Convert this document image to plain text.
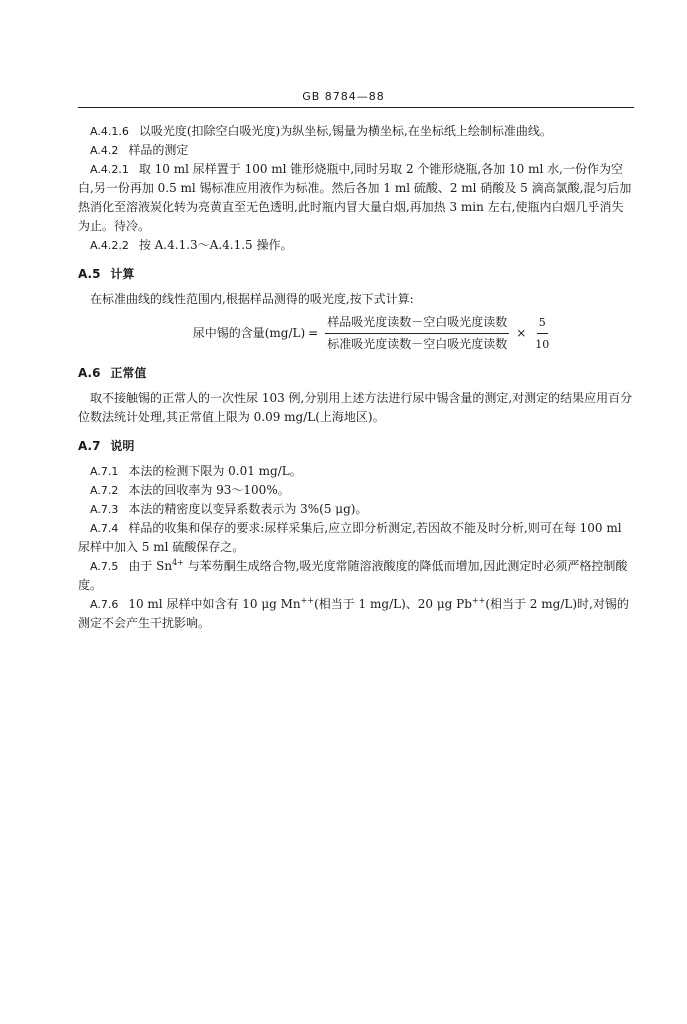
GB 8784—88

A.4.1.6 以吸光度(扣除空白吸光度)为纵坐标,锡量为横坐标,在坐标纸上绘制标准曲线。

A.4.2 样品的测定

A.4.2.1 取 10 ml 尿样置于 100 ml 锥形烧瓶中,同时另取 2 个锥形烧瓶,各加 10 ml 水,一份作为空白,另一份再加 0.5 ml 锡标准应用液作为标准。然后各加 1 ml 硫酸、2 ml 硝酸及 5 滴高氯酸,混匀后加热消化至溶液炭化转为亮黄直至无色透明,此时瓶内冒大量白烟,再加热 3 min 左右,使瓶内白烟几乎消失为止。待冷。

A.4.2.2 按 A.4.1.3～A.4.1.5 操作。

A.5 计算

在标准曲线的线性范围内,根据样品测得的吸光度,按下式计算:

尿中锡的含量$(mg/L) = \frac{\text{样品吸光度读数－空白吸光度读数}}{\text{标准吸光度读数－空白吸光度读数}} \times \frac{5}{10}$
A.6 正常值

取不接触锡的正常人的一次性尿 103 例,分别用上述方法进行尿中锡含量的测定,对测定的结果应用百分位数法统计处理,其正常值上限为 0.09 mg/L(上海地区)。

A.7 说明

A.7.1 本法的检测下限为 0.01 mg/L。

A.7.2 本法的回收率为 93～100%。

A.7.3 本法的精密度以变异系数表示为 3%(5 μg)。

A.7.4 样品的收集和保存的要求:尿样采集后,应立即分析测定,若因故不能及时分析,则可在每 100 ml 尿样中加入 5 ml 硫酸保存之。

A.7.5 由于 $Sn^{4+}$ 与苯芴酮生成络合物,吸光度常随溶液酸度的降低而增加,因此测定时必须严格控制酸度。

A.7.6 10 ml 尿样中如含有 10 μg Mn++(相当于 1 mg/L)、20 μg Pb++(相当于 2 mg/L)时,对锡的测定不会产生干扰影响。
